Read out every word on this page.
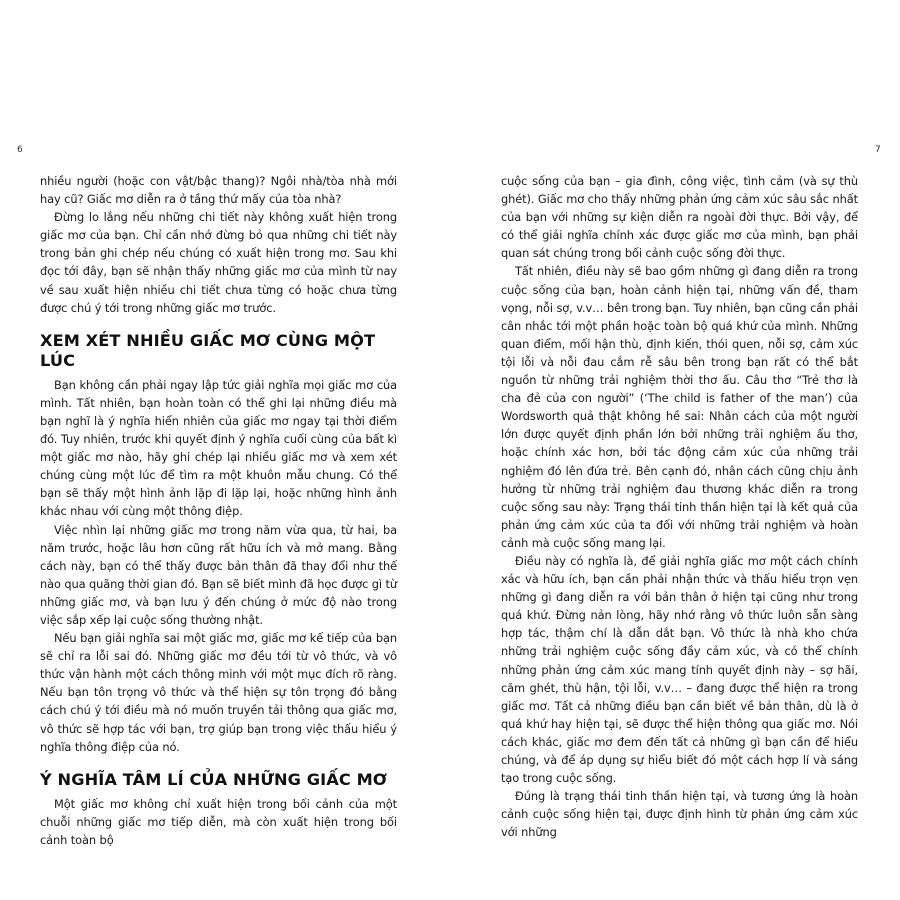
6	7

nhiều người (hoặc con vật/bậc thang)? Ngôi nhà/tòa nhà mới hay cũ? Giấc mơ diễn ra ở tầng thứ mấy của tòa nhà?

Đừng lo lắng nếu những chi tiết này không xuất hiện trong giấc mơ của bạn. Chỉ cần nhớ đừng bỏ qua những chi tiết này trong bản ghi chép nếu chúng có xuất hiện trong mơ. Sau khi đọc tới đây, bạn sẽ nhận thấy những giấc mơ của mình từ nay về sau xuất hiện nhiều chi tiết chưa từng có hoặc chưa từng được chú ý tới trong những giấc mơ trước.

XEM XÉT NHIỀU GIẤC MƠ CÙNG MỘT LÚC

Bạn không cần phải ngay lập tức giải nghĩa mọi giấc mơ của mình. Tất nhiên, bạn hoàn toàn có thể ghi lại những điều mà bạn nghĩ là ý nghĩa hiển nhiên của giấc mơ ngay tại thời điểm đó. Tuy nhiên, trước khi quyết định ý nghĩa cuối cùng của bất kì một giấc mơ nào, hãy ghi chép lại nhiều giấc mơ và xem xét chúng cùng một lúc để tìm ra một khuôn mẫu chung. Có thể bạn sẽ thấy một hình ảnh lặp đi lặp lại, hoặc những hình ảnh khác nhau với cùng một thông điệp.

Việc nhìn lại những giấc mơ trong năm vừa qua, từ hai, ba năm trước, hoặc lâu hơn cũng rất hữu ích và mở mang. Bằng cách này, bạn có thể thấy được bản thân đã thay đổi như thế nào qua quãng thời gian đó. Bạn sẽ biết mình đã học được gì từ những giấc mơ, và bạn lưu ý đến chúng ở mức độ nào trong việc sắp xếp lại cuộc sống thường nhật.

Nếu bạn giải nghĩa sai một giấc mơ, giấc mơ kế tiếp của bạn sẽ chỉ ra lỗi sai đó. Những giấc mơ đều tới từ vô thức, và vô thức vận hành một cách thông minh với một mục đích rõ ràng. Nếu bạn tôn trọng vô thức và thể hiện sự tôn trọng đó bằng cách chú ý tới điều mà nó muốn truyền tải thông qua giấc mơ, vô thức sẽ hợp tác với bạn, trợ giúp bạn trong việc thấu hiểu ý nghĩa thông điệp của nó.

Ý NGHĨA TÂM LÍ CỦA NHỮNG GIẤC MƠ

Một giấc mơ không chỉ xuất hiện trong bối cảnh của một chuỗi những giấc mơ tiếp diễn, mà còn xuất hiện trong bối cảnh toàn bộ

cuộc sống của bạn – gia đình, công việc, tình cảm (và sự thù ghét). Giấc mơ cho thấy những phản ứng cảm xúc sâu sắc nhất của bạn với những sự kiện diễn ra ngoài đời thực. Bởi vậy, để có thể giải nghĩa chính xác được giấc mơ của mình, bạn phải quan sát chúng trong bối cảnh cuộc sống đời thực.

Tất nhiên, điều này sẽ bao gồm những gì đang diễn ra trong cuộc sống của bạn, hoàn cảnh hiện tại, những vấn đề, tham vọng, nỗi sợ, v.v… bên trong bạn. Tuy nhiên, bạn cũng cần phải cân nhắc tới một phần hoặc toàn bộ quá khứ của mình. Những quan điểm, mối hận thù, định kiến, thói quen, nỗi sợ, cảm xúc tội lỗi và nỗi đau cắm rễ sâu bên trong bạn rất có thể bắt nguồn từ những trải nghiệm thời thơ ấu. Câu thơ “Trẻ thơ là cha đẻ của con người” (‘The child is father of the man’) của Wordsworth quả thật không hề sai: Nhân cách của một người lớn được quyết định phần lớn bởi những trải nghiệm ấu thơ, hoặc chính xác hơn, bởi tác động cảm xúc của những trải nghiệm đó lên đứa trẻ. Bên cạnh đó, nhân cách cũng chịu ảnh hưởng từ những trải nghiệm đau thương khác diễn ra trong cuộc sống sau này: Trạng thái tinh thần hiện tại là kết quả của phản ứng cảm xúc của ta đối với những trải nghiệm và hoàn cảnh mà cuộc sống mang lại.

Điều này có nghĩa là, để giải nghĩa giấc mơ một cách chính xác và hữu ích, bạn cần phải nhận thức và thấu hiểu trọn vẹn những gì đang diễn ra với bản thân ở hiện tại cũng như trong quá khứ. Đừng nản lòng, hãy nhớ rằng vô thức luôn sẵn sàng hợp tác, thậm chí là dẫn dắt bạn. Vô thức là nhà kho chứa những trải nghiệm cuộc sống đầy cảm xúc, và có thể chính những phản ứng cảm xúc mang tính quyết định này – sợ hãi, căm ghét, thù hận, tội lỗi, v.v… – đang được thể hiện ra trong giấc mơ. Tất cả những điều bạn cần biết về bản thân, dù là ở quá khứ hay hiện tại, sẽ được thể hiện thông qua giấc mơ. Nói cách khác, giấc mơ đem đến tất cả những gì bạn cần để hiểu chúng, và để áp dụng sự hiểu biết đó một cách hợp lí và sáng tạo trong cuộc sống.

Đúng là trạng thái tinh thần hiện tại, và tương ứng là hoàn cảnh cuộc sống hiện tại, được định hình từ phản ứng cảm xúc với những
